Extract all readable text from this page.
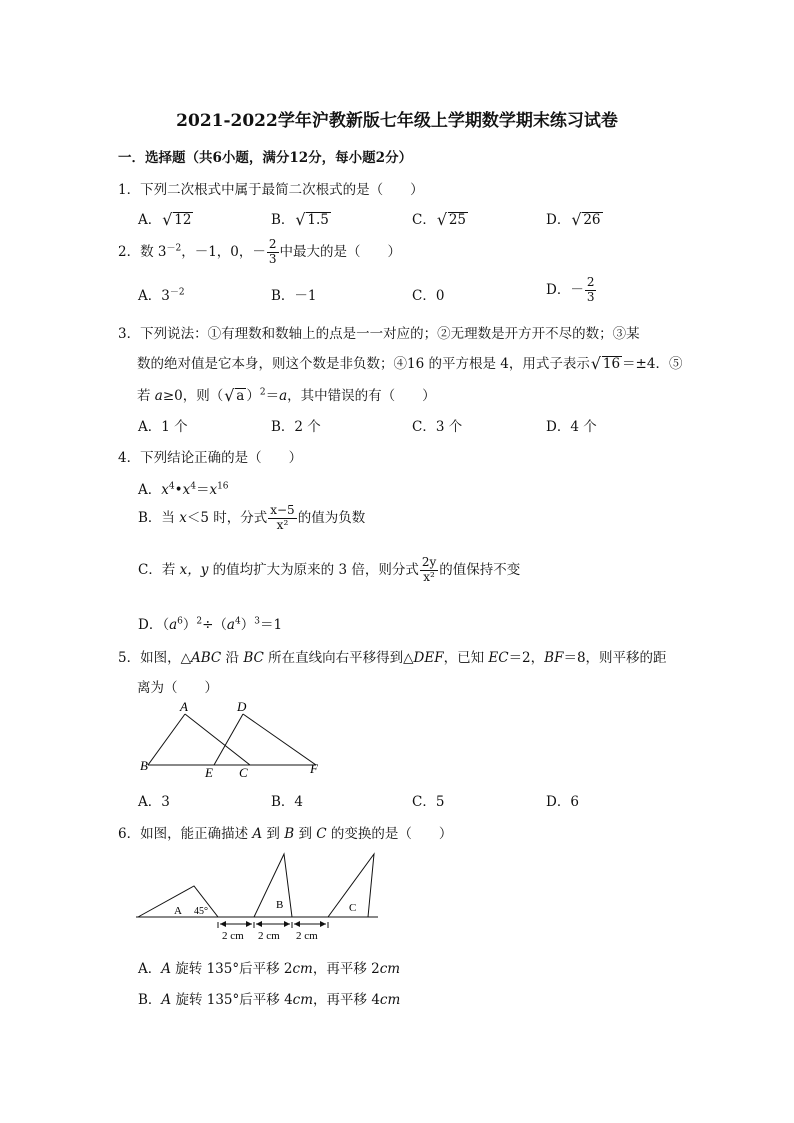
2021-2022学年沪教新版七年级上学期数学期末练习试卷
一．选择题（共6小题，满分12分，每小题2分）
1．下列二次根式中属于最简二次根式的是（　　）
A． √ 12	B． √ 1.5	C． √ 25	D． √ 26
2．数 $3^{-2}$，－1，0，－ $\frac{2}{3}$ 中最大的是（　　）
A．$3^{-2}$	B．－1	C．0	D．－ $\frac{2}{3}$
3．下列说法：①有理数和数轴上的点是一一对应的；②无理数是开方开不尽的数；③某
数的绝对值是它本身，则这个数是非负数；④16 的平方根是 4，用式子表示 √ 16 ＝±4．⑤
若 a≥0，则（ √ a ）$^2$＝a，其中错误的有（　　）
A．1 个	B．2 个	C．3 个	D．4 个
4．下列结论正确的是（　　）
A．$x^4•x^4=x^{16}$
B．当 x＜5 时，分式 $\frac{x-5}{\text{x²}}$ 的值为负数
C．若 x，y 的值均扩大为原来的 3 倍，则分式 $\frac{2y}{\text{x²}}$ 的值保持不变
D．$(a^6)^2\div(a^4)^3=1$
5．如图，△ABC 沿 BC 所在直线向右平移得到△DEF，已知 EC＝2，BF＝8，则平移的距
离为（　　）
A	D
B	E C	F
A．3	B．4	C．5	D．6
6．如图，能正确描述 A 到 B 到 C 的变换的是（　　）
A 45°
B	C
2 cm 2 cm 2 cm
A．A 旋转 135°后平移 2cm，再平移 2cm
B．A 旋转 135°后平移 4cm，再平移 4cm
